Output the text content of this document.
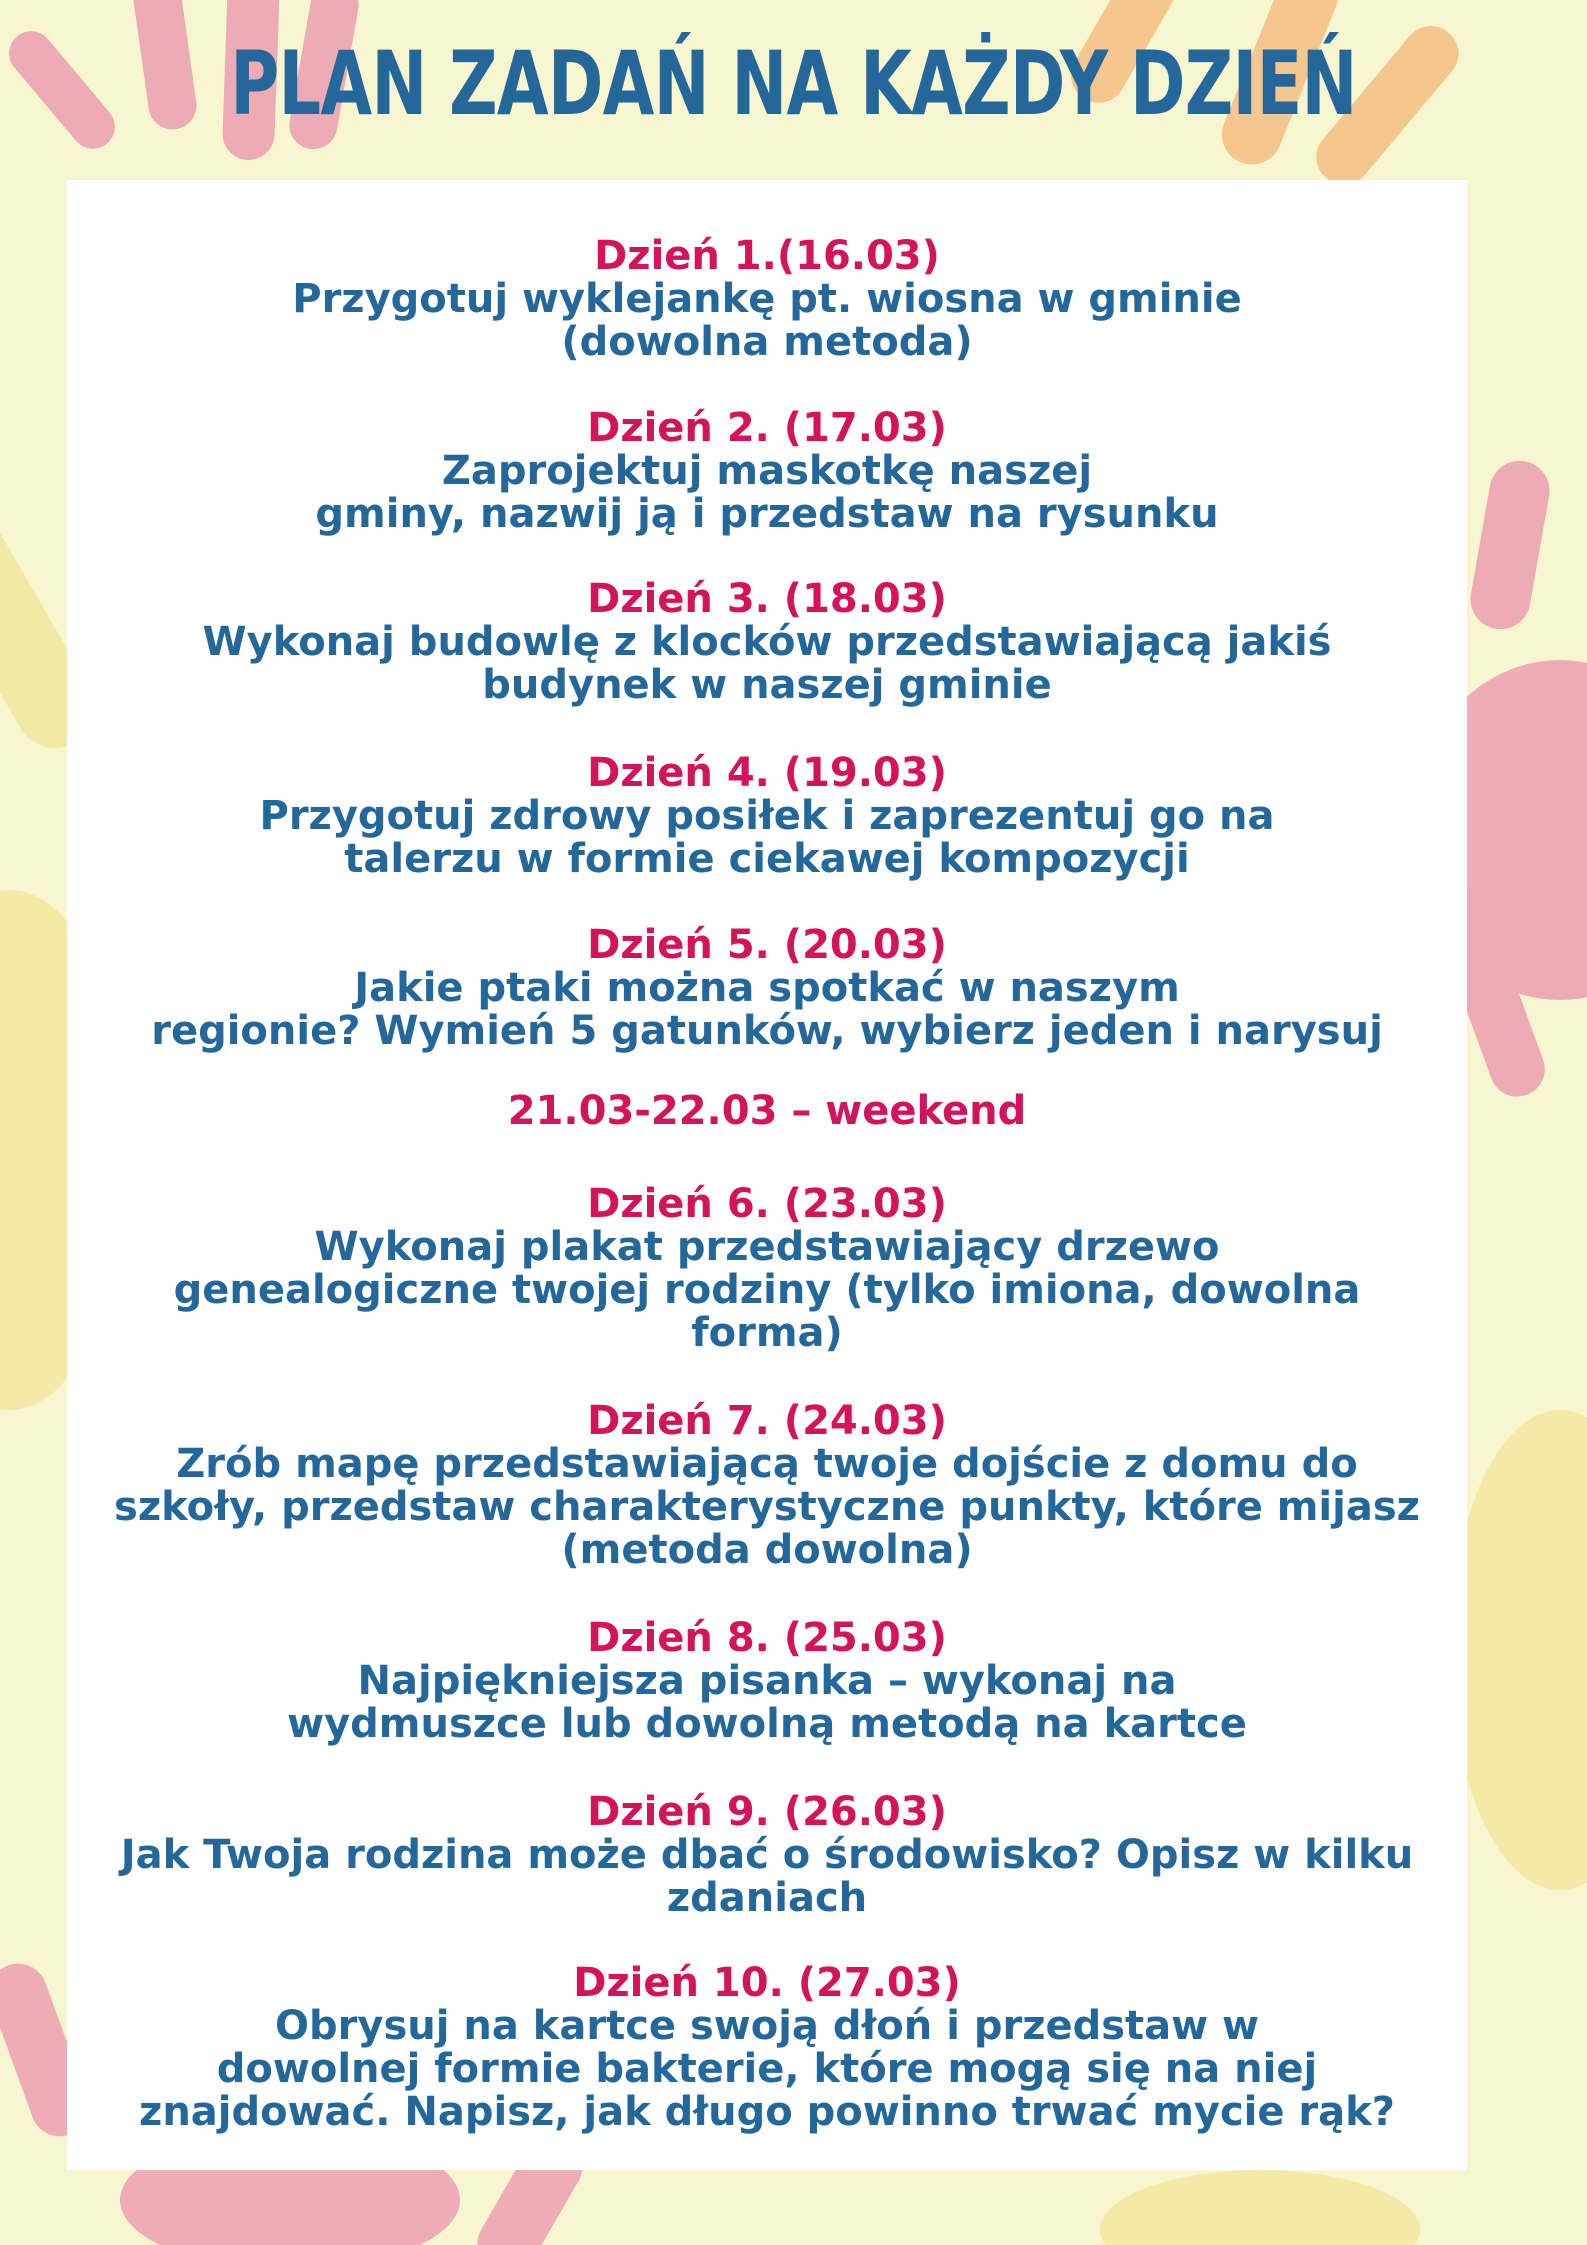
PLAN ZADAŃ NA KAŻDY DZIEŃ
Dzień 1.(16.03)
Przygotuj wyklejankę pt. wiosna w gminie
(dowolna metoda)
Dzień 2. (17.03)
Zaprojektuj maskotkę naszej
gminy, nazwij ją i przedstaw na rysunku
Dzień 3. (18.03)
Wykonaj budowlę z klocków przedstawiającą jakiś
budynek w naszej gminie
Dzień 4. (19.03)
Przygotuj zdrowy posiłek i zaprezentuj go na
talerzu w formie ciekawej kompozycji
Dzień 5. (20.03)
Jakie ptaki można spotkać w naszym
regionie? Wymień 5 gatunków, wybierz jeden i narysuj
21.03-22.03 – weekend
Dzień 6. (23.03)
Wykonaj plakat przedstawiający drzewo
genealogiczne twojej rodziny (tylko imiona, dowolna
forma)
Dzień 7. (24.03)
Zrób mapę przedstawiającą twoje dojście z domu do
szkoły, przedstaw charakterystyczne punkty, które mijasz
(metoda dowolna)
Dzień 8. (25.03)
Najpiękniejsza pisanka – wykonaj na
wydmuszce lub dowolną metodą na kartce
Dzień 9. (26.03)
Jak Twoja rodzina może dbać o środowisko? Opisz w kilku
zdaniach
Dzień 10. (27.03)
Obrysuj na kartce swoją dłoń i przedstaw w
dowolnej formie bakterie, które mogą się na niej
znajdować. Napisz, jak długo powinno trwać mycie rąk?
